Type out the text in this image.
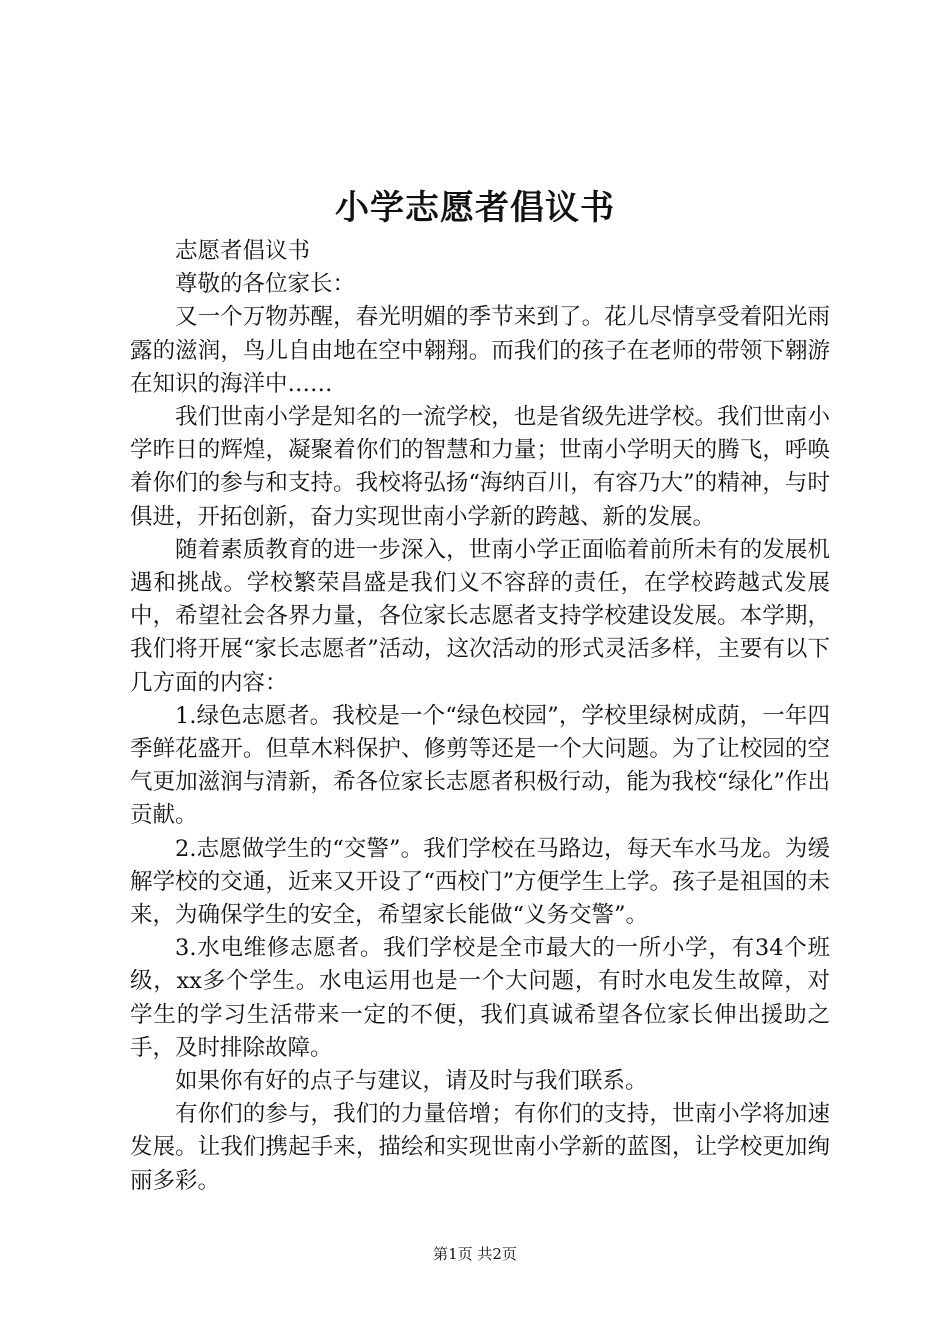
小学志愿者倡议书

志愿者倡议书

尊敬的各位家长：

又一个万物苏醒，春光明媚的季节来到了。花儿尽情享受着阳光雨露的滋润，鸟儿自由地在空中翱翔。而我们的孩子在老师的带领下翱游在知识的海洋中……

我们世南小学是知名的一流学校，也是省级先进学校。我们世南小学昨日的辉煌，凝聚着你们的智慧和力量；世南小学明天的腾飞，呼唤着你们的参与和支持。我校将弘扬“海纳百川，有容乃大”的精神，与时俱进，开拓创新，奋力实现世南小学新的跨越、新的发展。

随着素质教育的进一步深入，世南小学正面临着前所未有的发展机遇和挑战。学校繁荣昌盛是我们义不容辞的责任，在学校跨越式发展中，希望社会各界力量，各位家长志愿者支持学校建设发展。本学期，我们将开展“家长志愿者”活动，这次活动的形式灵活多样，主要有以下几方面的内容：

1.绿色志愿者。我校是一个“绿色校园”，学校里绿树成荫，一年四季鲜花盛开。但草木料保护、修剪等还是一个大问题。为了让校园的空气更加滋润与清新，希各位家长志愿者积极行动，能为我校“绿化”作出贡献。

2.志愿做学生的“交警”。我们学校在马路边，每天车水马龙。为缓解学校的交通，近来又开设了“西校门”方便学生上学。孩子是祖国的未来，为确保学生的安全，希望家长能做“义务交警”。

3.水电维修志愿者。我们学校是全市最大的一所小学，有34个班级，xx多个学生。水电运用也是一个大问题，有时水电发生故障，对学生的学习生活带来一定的不便，我们真诚希望各位家长伸出援助之手，及时排除故障。

如果你有好的点子与建议，请及时与我们联系。

有你们的参与，我们的力量倍增；有你们的支持，世南小学将加速发展。让我们携起手来，描绘和实现世南小学新的蓝图，让学校更加绚丽多彩。

第1页 共2页
